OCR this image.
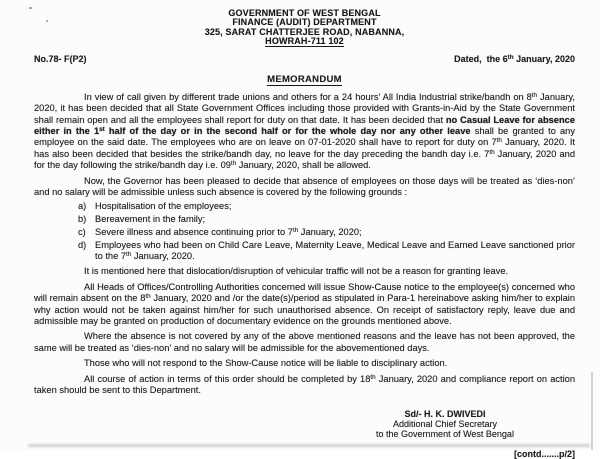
GOVERNMENT OF WEST BENGAL
FINANCE (AUDIT) DEPARTMENT
325, SARAT CHATTERJEE ROAD, NABANNA,
HOWRAH-711 102
No.78- F(P2)	Dated,  the 6th January, 2020
MEMORANDUM
In view of call given by different trade unions and others for a 24 hours’ All India Industrial strike/bandh on 8th January, 2020, it has been decided that all State Government Offices including those provided with Grants-in-Aid by the State Government shall remain open and all the employees shall report for duty on that date. It has been decided that no Casual Leave for absence either in the 1st half of the day or in the second half or for the whole day nor any other leave shall be granted to any employee on the said date. The employees who are on leave on 07-01-2020 shall have to report for duty on 7th January, 2020. It has also been decided that besides the strike/bandh day, no leave for the day preceding the bandh day i.e. 7th January, 2020 and for the day following the strike/bandh day i.e. 09th January, 2020, shall be allowed.
Now, the Governor has been pleased to decide that absence of employees on those days will be treated as ‘dies-non’ and no salary will be admissible unless such absence is covered by the following grounds :
a) Hospitalisation of the employees;
b) Bereavement in the family;
c) Severe illness and absence continuing prior to 7th January, 2020;
d) Employees who had been on Child Care Leave, Maternity Leave, Medical Leave and Earned Leave sanctioned prior to the 7th January, 2020.
It is mentioned here that dislocation/disruption of vehicular traffic will not be a reason for granting leave.
All Heads of Offices/Controlling Authorities concerned will issue Show-Cause notice to the employee(s) concerned who will remain absent on the 8th January, 2020 and /or the date(s)/period as stipulated in Para-1 hereinabove asking him/her to explain why action would not be taken against him/her for such unauthorised absence. On receipt of satisfactory reply, leave due and admissible may be granted on production of documentary evidence on the grounds mentioned above.
Where the absence is not covered by any of the above mentioned reasons and the leave has not been approved, the same will be treated as ‘dies-non’ and no salary will be admissible for the abovementioned days.
Those who will not respond to the Show-Cause notice will be liable to disciplinary action.
All course of action in terms of this order should be completed by 18th January, 2020 and compliance report on action taken should be sent to this Department.
Sd/- H. K. DWIVEDI
Additional Chief Secretary
to the Government of West Bengal
[contd.......p/2]
